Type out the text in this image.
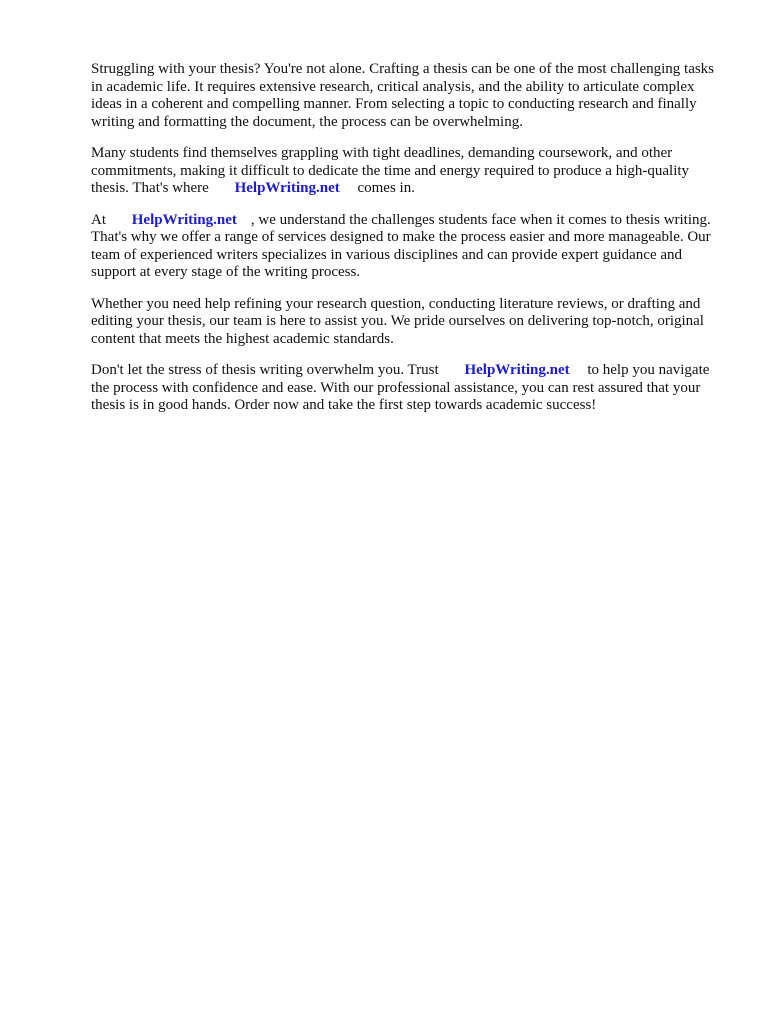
Struggling with your thesis? You're not alone. Crafting a thesis can be one of the most challenging tasks in academic life. It requires extensive research, critical analysis, and the ability to articulate complex ideas in a coherent and compelling manner. From selecting a topic to conducting research and finally writing and formatting the document, the process can be overwhelming.

Many students find themselves grappling with tight deadlines, demanding coursework, and other commitments, making it difficult to dedicate the time and energy required to produce a high-quality thesis. That's where HelpWriting.net comes in.

At HelpWriting.net , we understand the challenges students face when it comes to thesis writing. That's why we offer a range of services designed to make the process easier and more manageable. Our team of experienced writers specializes in various disciplines and can provide expert guidance and support at every stage of the writing process.

Whether you need help refining your research question, conducting literature reviews, or drafting and editing your thesis, our team is here to assist you. We pride ourselves on delivering top-notch, original content that meets the highest academic standards.

Don't let the stress of thesis writing overwhelm you. Trust HelpWriting.net to help you navigate the process with confidence and ease. With our professional assistance, you can rest assured that your thesis is in good hands. Order now and take the first step towards academic success!
